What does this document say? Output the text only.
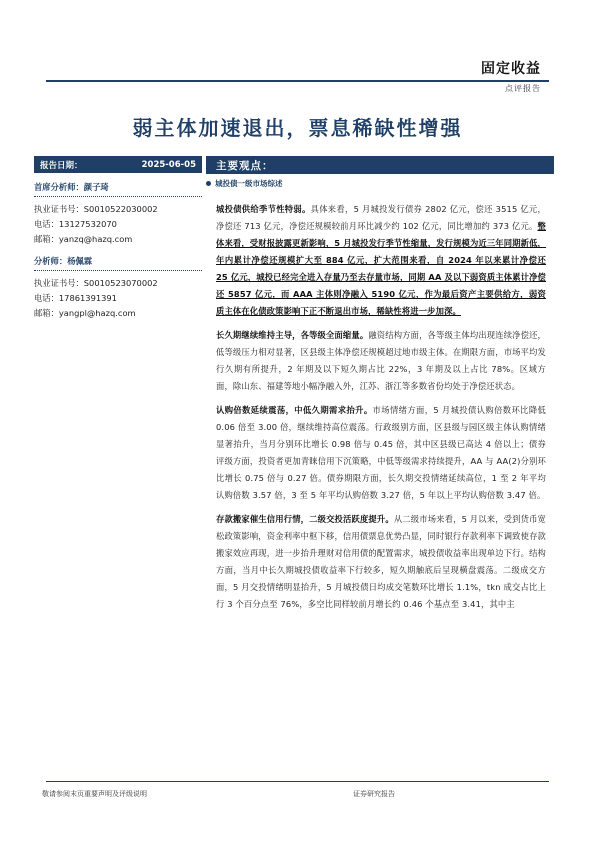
固定收益
点评报告
弱主体加速退出，票息稀缺性增强
报告日期：	2025-06-05
首席分析师：颜子琦
执业证书号：S0010522030002
电话：13127532070
邮箱：yanzq@hazq.com
分析师：杨佩霖
执业证书号：S0010523070002
电话：17861391391
邮箱：yangpl@hazq.com
主要观点：
城投债一级市场综述

城投债供给季节性特弱。具体来看，5 月城投发行债券 2802 亿元，偿还 3515 亿元，净偿还 713 亿元，净偿还规模较前月环比减少约 102 亿元，同比增加约 373 亿元。整体来看，受财报披露更新影响，5 月城投发行季节性缩量，发行规模为近三年同期新低，年内累计净偿还规模扩大至 884 亿元，扩大范围来看，自 2024 年以来累计净偿还 25 亿元，城投已经完全进入存量乃至去存量市场，同期 AA 及以下弱资质主体累计净偿还 5857 亿元，而 AAA 主体则净融入 5190 亿元，作为最后资产主要供给方，弱资质主体在化债政策影响下正不断退出市场，稀缺性将进一步加深。

长久期继续维持主导，各等级全面缩量。融资结构方面，各等级主体均出现连续净偿还，低等级压力相对显著，区县级主体净偿还规模超过地市级主体。在期限方面，市场平均发行久期有所提升，2 年期及以下短久期占比 22%，3 年期及以上占比 78%。区域方面，除山东、福建等地小幅净融入外，江苏、浙江等多数省份均处于净偿还状态。

认购倍数延续震荡，中低久期需求抬升。市场情绪方面，5 月城投债认购倍数环比降低 0.06 倍至 3.00 倍，继续维持高位震荡。行政级别方面，区县级与园区级主体认购情绪显著抬升，当月分别环比增长 0.98 倍与 0.45 倍，其中区县级已高达 4 倍以上；债券评级方面，投资者更加青睐信用下沉策略，中低等级需求持续提升，AA 与 AA(2)分别环比增长 0.75 倍与 0.27 倍。债券期限方面，长久期交投情绪延续高位，1 至 2 年平均认购倍数 3.57 倍，3 至 5 年平均认购倍数 3.27 倍，5 年以上平均认购倍数 3.47 倍。

存款搬家催生信用行情，二级交投活跃度提升。从二级市场来看，5 月以来，受到货币宽松政策影响，资金利率中枢下移，信用债票息优势凸显，同时银行存款利率下调致使存款搬家效应再现，进一步抬升理财对信用债的配置需求，城投债收益率出现单边下行。结构方面，当月中长久期城投债收益率下行较多，短久期触底后呈现横盘震荡。二级成交方面，5 月交投情绪明显抬升，5 月城投债日均成交笔数环比增长 1.1%，tkn 成交占比上行 3 个百分点至 76%，多空比同样较前月增长约 0.46 个基点至 3.41，其中主

敬请参阅末页重要声明及评级说明	证券研究报告
